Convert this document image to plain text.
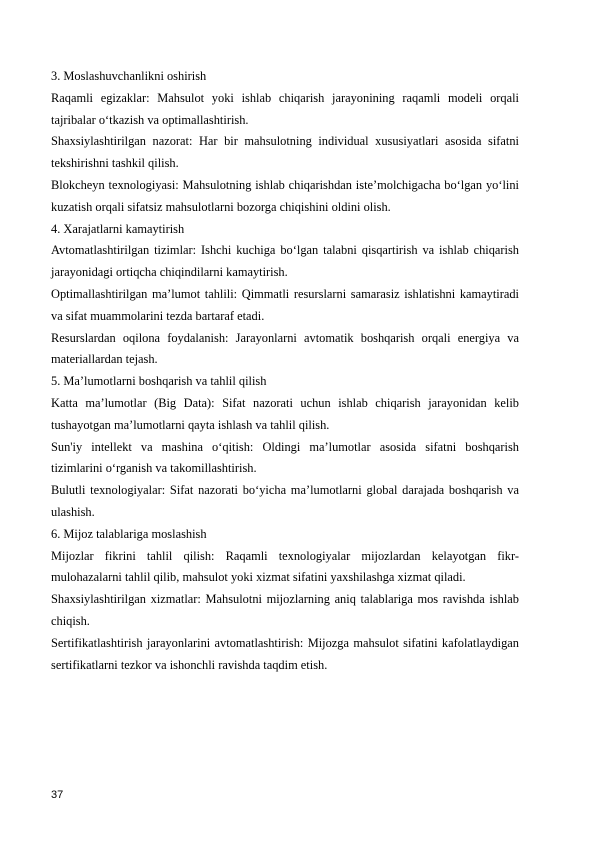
3. Moslashuvchanlikni oshirish

Raqamli egizaklar: Mahsulot yoki ishlab chiqarish jarayonining raqamli modeli orqali tajribalar o‘tkazish va optimallashtirish.

Shaxsiylashtirilgan nazorat: Har bir mahsulotning individual xususiyatlari asosida sifatni tekshirishni tashkil qilish.

Blokcheyn texnologiyasi: Mahsulotning ishlab chiqarishdan iste’molchigacha bo‘lgan yo‘lini kuzatish orqali sifatsiz mahsulotlarni bozorga chiqishini oldini olish.

4. Xarajatlarni kamaytirish

Avtomatlashtirilgan tizimlar: Ishchi kuchiga bo‘lgan talabni qisqartirish va ishlab chiqarish jarayonidagi ortiqcha chiqindilarni kamaytirish.

Optimallashtirilgan ma’lumot tahlili: Qimmatli resurslarni samarasiz ishlatishni kamaytiradi va sifat muammolarini tezda bartaraf etadi.

Resurslardan oqilona foydalanish: Jarayonlarni avtomatik boshqarish orqali energiya va materiallardan tejash.

5. Ma’lumotlarni boshqarish va tahlil qilish

Katta ma’lumotlar (Big Data): Sifat nazorati uchun ishlab chiqarish jarayonidan kelib tushayotgan ma’lumotlarni qayta ishlash va tahlil qilish.

Sun'iy intellekt va mashina o‘qitish: Oldingi ma’lumotlar asosida sifatni boshqarish tizimlarini o‘rganish va takomillashtirish.

Bulutli texnologiyalar: Sifat nazorati bo‘yicha ma’lumotlarni global darajada boshqarish va ulashish.

6. Mijoz talablariga moslashish

Mijozlar fikrini tahlil qilish: Raqamli texnologiyalar mijozlardan kelayotgan fikr-mulohazalarni tahlil qilib, mahsulot yoki xizmat sifatini yaxshilashga xizmat qiladi.

Shaxsiylashtirilgan xizmatlar: Mahsulotni mijozlarning aniq talablariga mos ravishda ishlab chiqish.

Sertifikatlashtirish jarayonlarini avtomatlashtirish: Mijozga mahsulot sifatini kafolatlaydigan sertifikatlarni tezkor va ishonchli ravishda taqdim etish.

37
